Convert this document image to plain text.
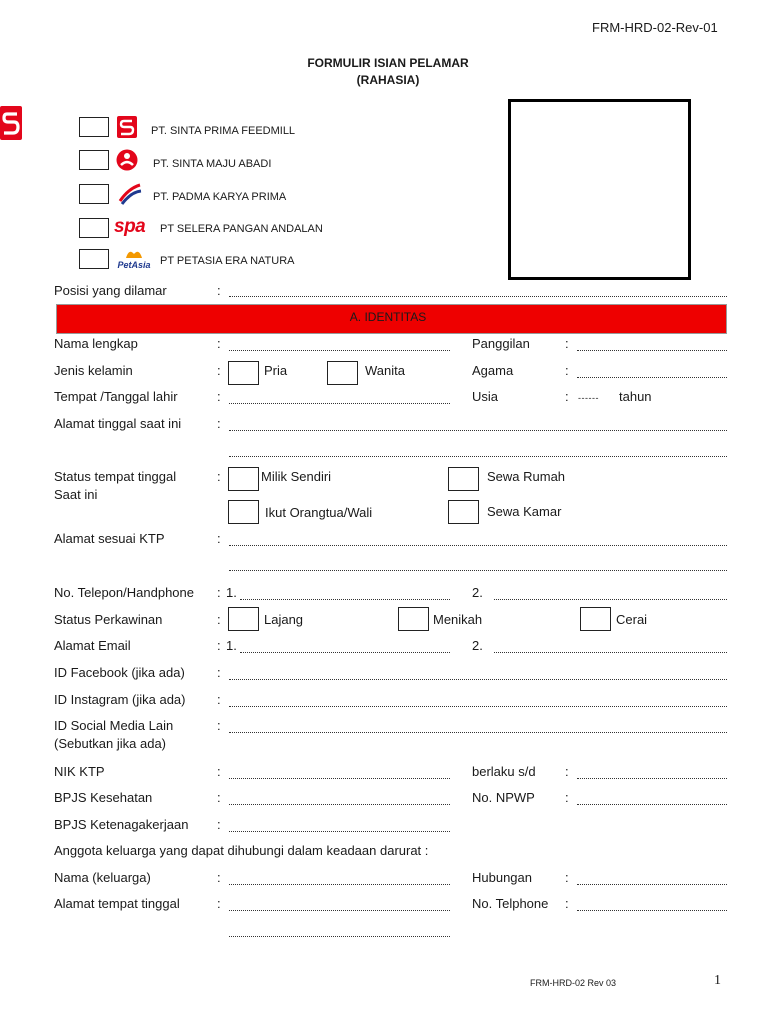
FRM-HRD-02-Rev-01
FORMULIR ISIAN PELAMAR
(RAHASIA)
PT. SINTA PRIMA FEEDMILL
PT. SINTA MAJU ABADI
PT. PADMA KARYA PRIMA
spa PT SELERA PANGAN ANDALAN
PetAsia PT PETASIA ERA NATURA
Posisi yang dilamar	:
A. IDENTITAS
Nama lengkap	:	Panggilan	:
Jenis kelamin	:	Pria	Wanita	Agama	:
Tempat /Tanggal lahir	:	Usia	: - - - - - - tahun
Alamat tinggal saat ini	:
Status tempat tinggal
Saat ini
:	Milik Sendiri	Sewa Rumah
Ikut Orangtua/Wali	Sewa Kamar
Alamat sesuai KTP	:
No. Telepon/Handphone : 1.	2.
Status Perkawinan	:	Lajang	Menikah	Cerai
Alamat Email	: 1.	2.
ID Facebook (jika ada) :
ID Instagram (jika ada) :
ID Social Media Lain
(Sebutkan jika ada)
:
NIK KTP	:	berlaku s/d :
BPJS Kesehatan	:	No. NPWP :
BPJS Ketenagakerjaan :
Anggota keluarga yang dapat dihubungi dalam keadaan darurat :
Nama (keluarga)	:	Hubungan	:
Alamat tempat tinggal	:	No. Telphone :
FRM-HRD-02 Rev 03	1
